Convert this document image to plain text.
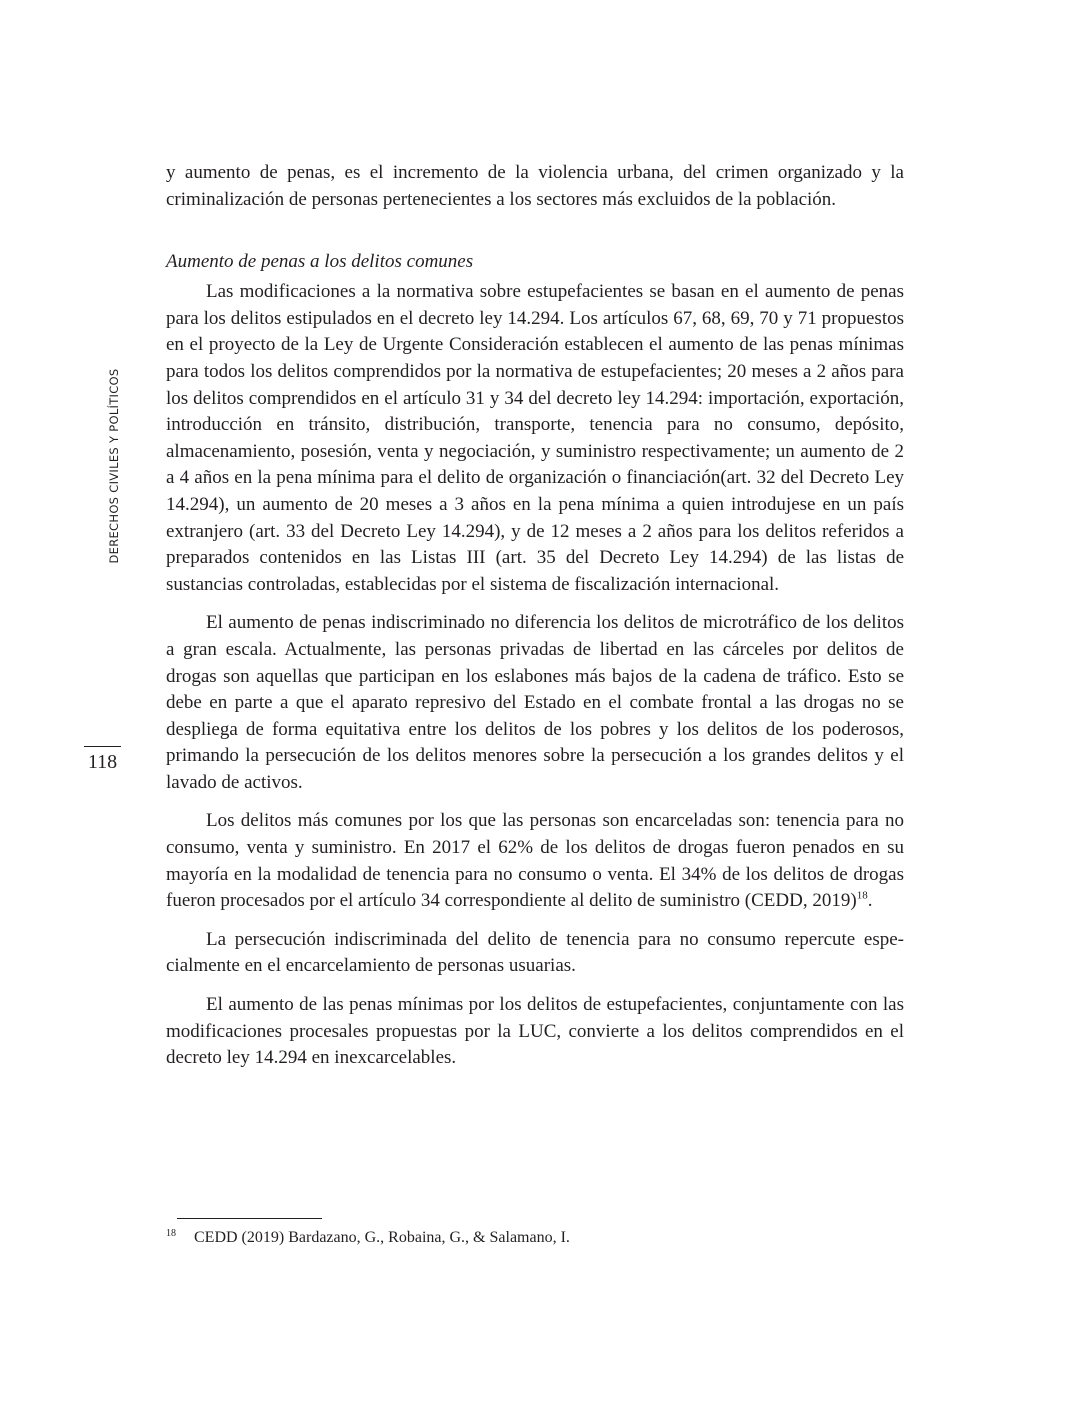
DERECHOS CIVILES Y POLÍTICOS
118

y aumento de penas, es el incremento de la violencia urbana, del crimen organizado y la criminalización de personas pertenecientes a los sectores más excluidos de la población.

Aumento de penas a los delitos comunes

Las modificaciones a la normativa sobre estupefacientes se basan en el aumento de penas para los delitos estipulados en el decreto ley 14.294. Los artículos 67, 68, 69, 70 y 71 propuestos en el proyecto de la Ley de Urgente Consideración establecen el aumento de las penas mínimas para todos los delitos comprendidos por la normativa de estupefacientes; 20 meses a 2 años para los delitos comprendidos en el artículo 31 y 34 del decreto ley 14.294: importación, exportación, introducción en tránsito, distribución, transporte, tenencia para no consumo, depósito, almacenamiento, posesión, venta y negociación, y suministro respectivamente; un aumento de 2 a 4 años en la pena mínima para el delito de organización o financiación(art. 32 del Decreto Ley 14.294), un aumento de 20 meses a 3 años en la pena mínima a quien introdujese en un país extranjero (art. 33 del Decreto Ley 14.294), y de 12 meses a 2 años para los delitos referidos a preparados contenidos en las Listas III (art. 35 del Decreto Ley 14.294) de las listas de sustancias controladas, establecidas por el sistema de fiscalización internacional.

El aumento de penas indiscriminado no diferencia los delitos de microtráfico de los delitos a gran escala. Actualmente, las personas privadas de libertad en las cárceles por delitos de drogas son aquellas que participan en los eslabones más bajos de la cadena de tráfico. Esto se debe en parte a que el aparato represivo del Estado en el combate frontal a las drogas no se despliega de forma equitativa entre los delitos de los pobres y los delitos de los poderosos, primando la persecución de los delitos menores sobre la persecución a los grandes delitos y el lavado de activos.

Los delitos más comunes por los que las personas son encarceladas son: tenencia para no consumo, venta y suministro. En 2017 el 62% de los delitos de drogas fueron penados en su mayoría en la modalidad de tenencia para no consumo o venta. El 34% de los delitos de drogas fueron procesados por el artículo 34 correspondiente al delito de suministro (CEDD, 2019)$^{18}$.

La persecución indiscriminada del delito de tenencia para no consumo repercute especialmente en el encarcelamiento de personas usuarias.

El aumento de las penas mínimas por los delitos de estupefacientes, conjuntamente con las modificaciones procesales propuestas por la LUC, convierte a los delitos comprendidos en el decreto ley 14.294 en inexcarcelables.

18 CEDD (2019) Bardazano, G., Robaina, G., & Salamano, I.
